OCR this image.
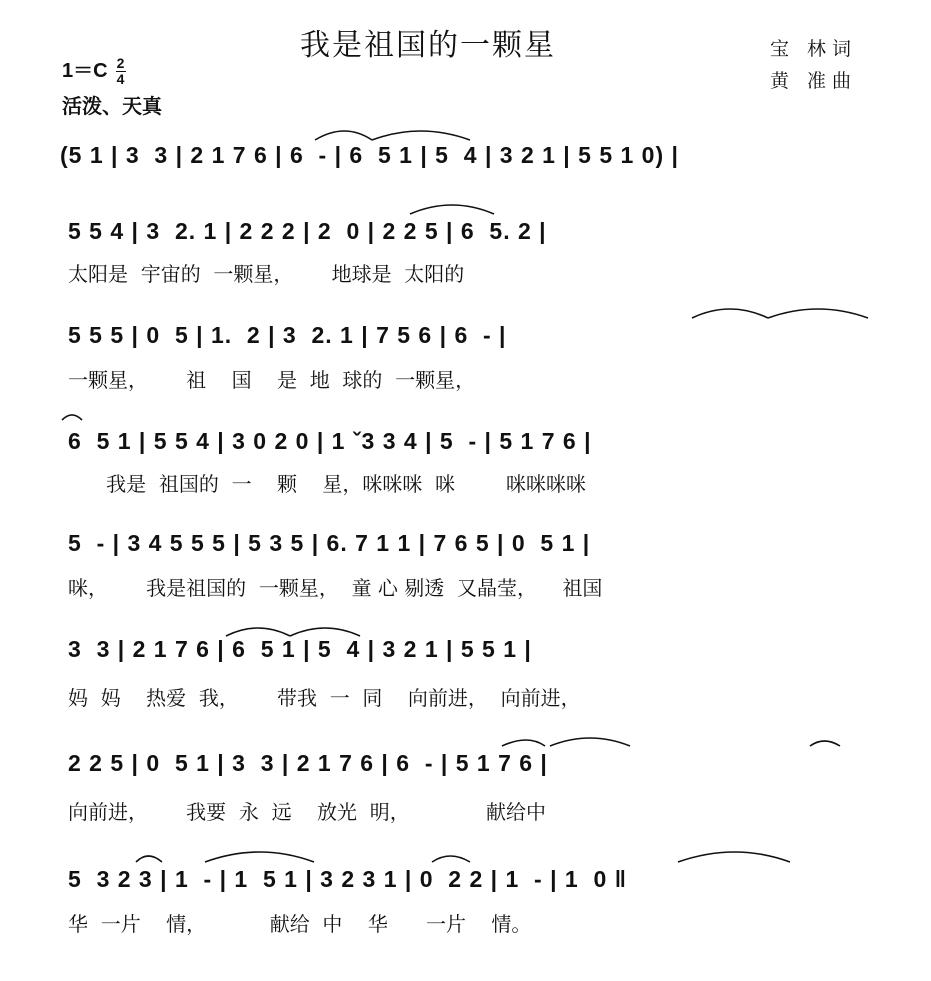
我是祖国的一颗星	宝 林词
黄 准曲
$1=C \frac{2}{4}$
活泼、天真
(5 1 | 3  3 | 2 1 7 6 | 6  - | 6  5 1 | 5  4 | 3 2 1 | 5 5 1 0) |
5 5 4 | 3  2. 1 | 2 2 2 | 2  0 | 2 2 5 | 6  5. 2 |
太阳是  宇宙的  一颗星，      地球是  太阳的
5 5 5 | 0  5 | 1.  2 | 3  2. 1 | 7 5 6 | 6  - |
一颗星，      祖    国    是  地  球的  一颗星，
6  5 1 | 5 5 4 | 3 0 2 0 | 1 ˇ3 3 4 | 5  - | 5 1 7 6 |
我是  祖国的  一    颗    星，咪咪咪  咪        咪咪咪咪
5  - | 3 4 5 5 5 | 5 3 5 | 6. 7 1 1 | 7 6 5 | 0  5 1 |
咪，      我是祖国的  一颗星，  童 心 剔透  又晶莹，    祖国
3  3 | 2 1 7 6 | 6  5 1 | 5  4 | 3 2 1 | 5 5 1 |
妈  妈    热爱  我，      带我  一  同    向前进，  向前进，
2 2 5 | 0  5 1 | 3  3 | 2 1 7 6 | 6  - | 5 1 7 6 |
向前进，      我要  永  远    放光  明，            献给中
5  3 2 3 | 1  - | 1  5 1 | 3 2 3 1 | 0  2 2 | 1  - | 1  0 ‖
华  一片    情，          献给  中    华      一片    情。
